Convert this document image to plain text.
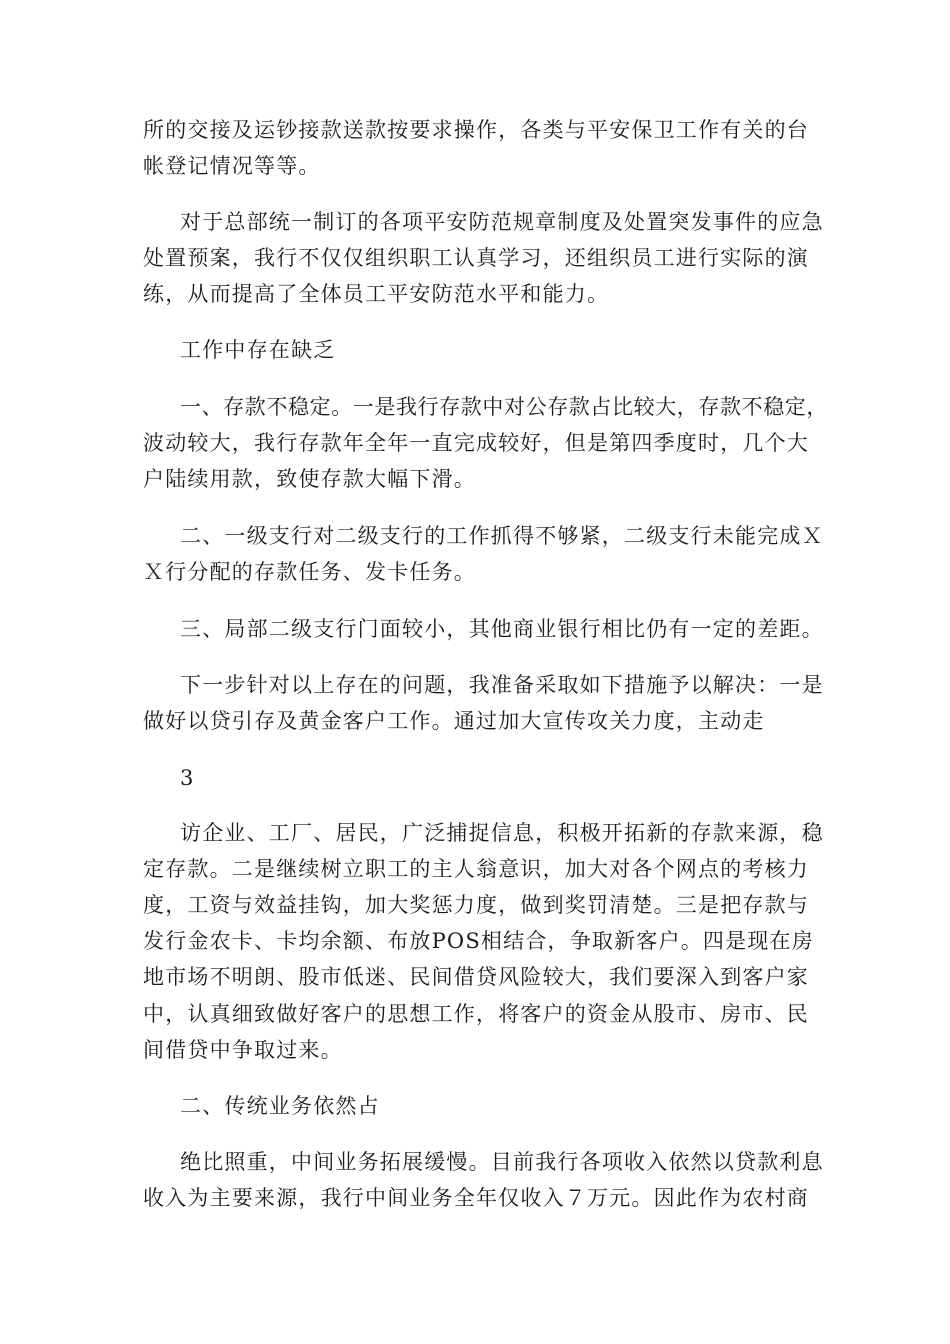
所的交接及运钞接款送款按要求操作，各类与平安保卫工作有关的台
帐登记情况等等。
对于总部统一制订的各项平安防范规章制度及处置突发事件的应急
处置预案，我行不仅仅组织职工认真学习，还组织员工进行实际的演
练，从而提高了全体员工平安防范水平和能力。
工作中存在缺乏
一、存款不稳定。一是我行存款中对公存款占比较大，存款不稳定，
波动较大，我行存款年全年一直完成较好，但是第四季度时，几个大
户陆续用款，致使存款大幅下滑。
二、一级支行对二级支行的工作抓得不够紧，二级支行未能完成Ｘ
Ｘ行分配的存款任务、发卡任务。
三、局部二级支行门面较小，其他商业银行相比仍有一定的差距。
下一步针对以上存在的问题，我准备采取如下措施予以解决：一是
做好以贷引存及黄金客户工作。通过加大宣传攻关力度，主动走
3
访企业、工厂、居民，广泛捕捉信息，积极开拓新的存款来源，稳
定存款。二是继续树立职工的主人翁意识，加大对各个网点的考核力
度，工资与效益挂钩，加大奖惩力度，做到奖罚清楚。三是把存款与
发行金农卡、卡均余额、布放POS相结合，争取新客户。四是现在房
地市场不明朗、股市低迷、民间借贷风险较大，我们要深入到客户家
中，认真细致做好客户的思想工作，将客户的资金从股市、房市、民
间借贷中争取过来。
二、传统业务依然占
绝比照重，中间业务拓展缓慢。目前我行各项收入依然以贷款利息
收入为主要来源，我行中间业务全年仅收入７万元。因此作为农村商
